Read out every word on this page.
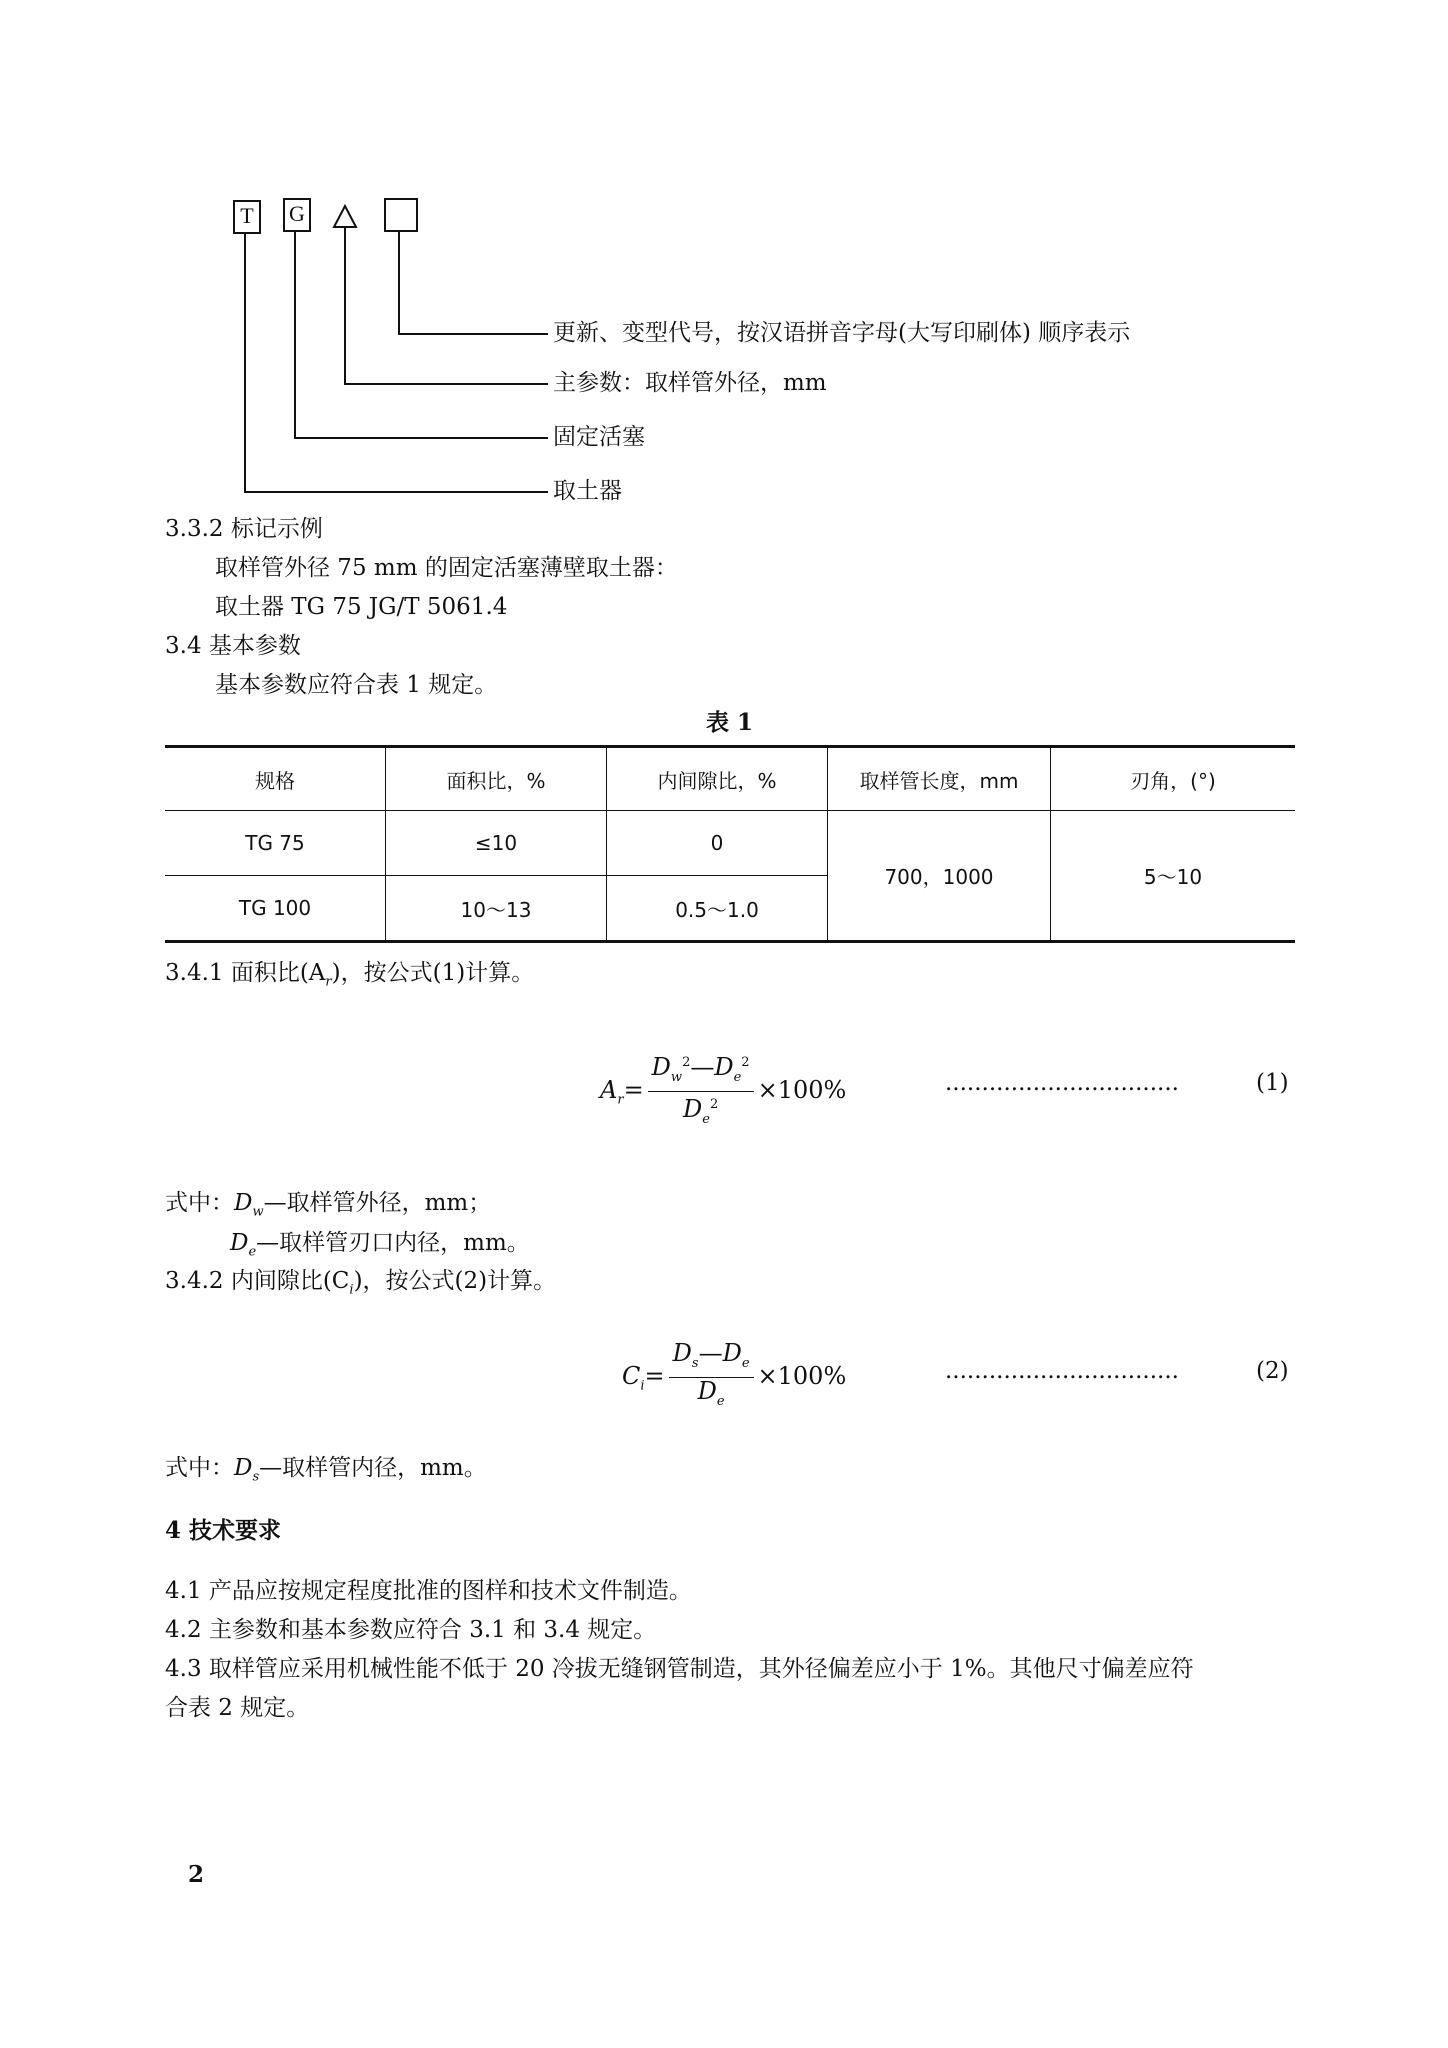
T	G
更新、变型代号，按汉语拼音字母(大写印刷体) 顺序表示
主参数：取样管外径，mm
固定活塞
取土器
3.3.2 标记示例
取样管外径 75 mm 的固定活塞薄壁取土器：
取土器 TG 75 JG/T 5061.4
3.4 基本参数
基本参数应符合表 1 规定。
表 1
规格	面积比，%	内间隙比，%	取样管长度，mm	刃角，(°)
TG 75	≤10	0	700，1000	5～10
TG 100	10～13	0.5～1.0		
3.4.1 面积比$(A_r)$，按公式(1)计算。
$A_r= \frac{D_w^2—D_e^2}{D_e^2} \times 100\%$	................................	(1)
式中：$D_w—$取样管外径，mm；
$D_e—$取样管刃口内径，mm。
3.4.2 内间隙比$(C_i)$，按公式(2)计算。
$C_i= \frac{D_s—D_e}{D_e} \times 100\%$	................................	(2)
式中：$D_s—$取样管内径，mm。
4 技术要求
4.1 产品应按规定程度批准的图样和技术文件制造。
4.2 主参数和基本参数应符合 3.1 和 3.4 规定。
4.3 取样管应采用机械性能不低于 20 冷拔无缝钢管制造，其外径偏差应小于 1%。其他尺寸偏差应符
合表 2 规定。
2
